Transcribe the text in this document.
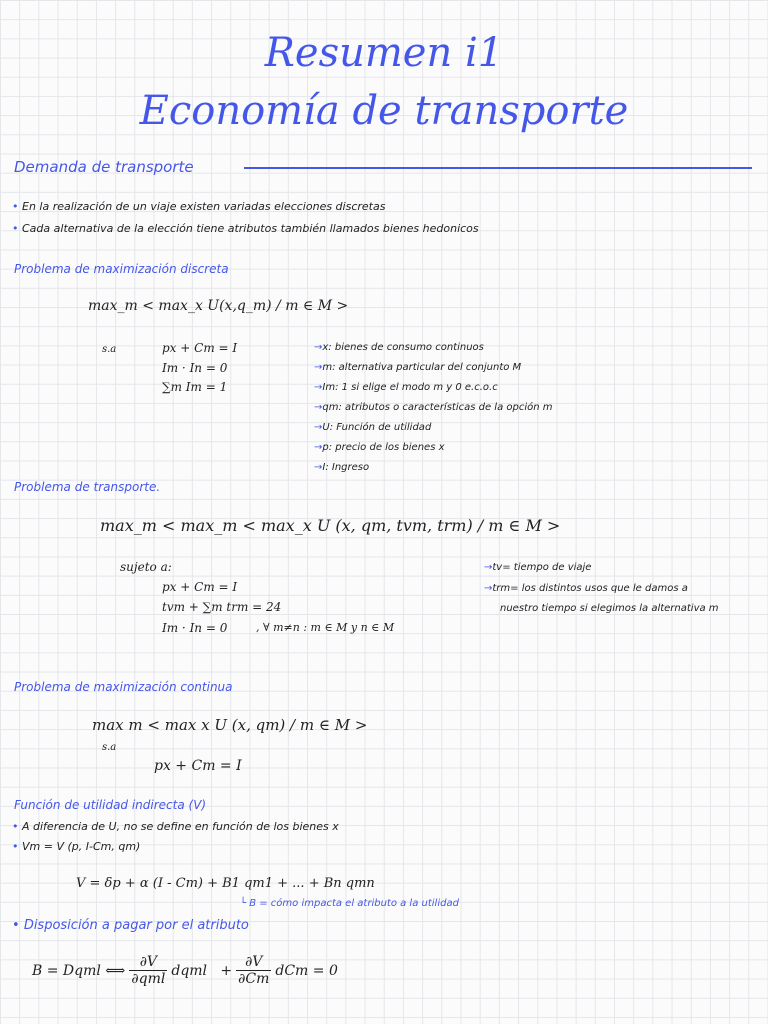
Resumen i1
Economía de transporte
Demanda de transporte
• En la realización de un viaje existen variadas elecciones discretas
• Cada alternativa de la elección tiene atributos también llamados bienes hedonicos
Problema de maximización discreta
max_m < max_x U(x,q_m) / m ∈ M >
s.a	px + Cm = I
Im · In = 0
∑m Im = 1
→x: bienes de consumo continuos
→m: alternativa particular del conjunto M
→Im: 1 si elige el modo m y 0 e.c.o.c
→qm: atributos o características de la opción m
→U: Función de utilidad
→p: precio de los bienes x
→I: Ingreso
Problema de transporte.
max_m < max_m < max_x U (x, qm, tvm, trm) / m ∈ M >
sujeto a:
px + Cm = I
tvm + ∑m trm = 24
Im · In = 0	, ∀ m≠n : m ∈ M y n ∈ M
→tv= tiempo de viaje
→trm= los distintos usos que le damos a
nuestro tiempo si elegimos la alternativa m
Problema de maximización continua
max m < max x U (x, qm) / m ∈ M >
s.a
px + Cm = I
Función de utilidad indirecta (V)
• A diferencia de U, no se define en función de los bienes x
• Vm = V (p, I-Cm, qm)
V = δp + α (I - Cm) + B1 qm1 + ... + Bn qmn
└ B = cómo impacta el atributo a la utilidad
• Disposición a pagar por el atributo
B = Dqml ⟺ $\frac{\partial V}{\text{∂qml}}$ dqml   + $\frac{\partial V}{\partial Cm}$ dCm = 0
